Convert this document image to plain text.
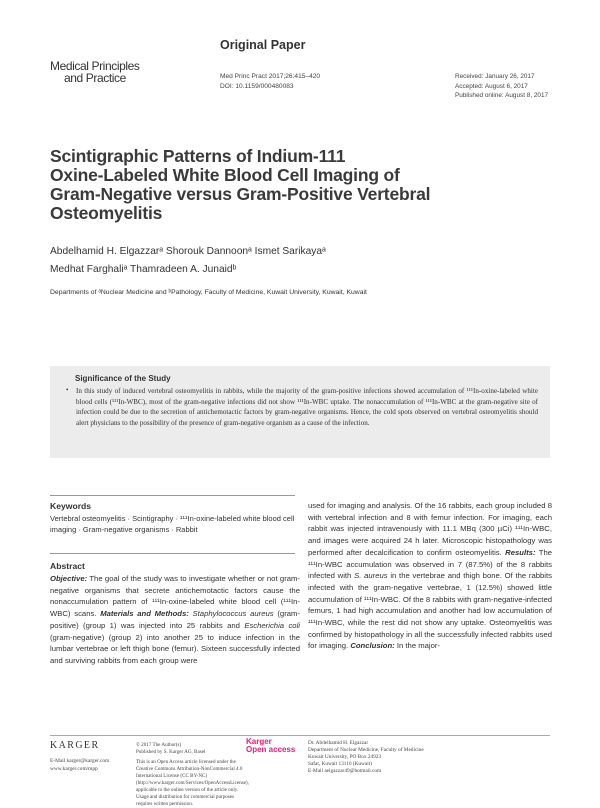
Original Paper
Medical Principles
and Practice	Med Princ Pract 2017;26:415–420
DOI: 10.1159/000480083
Received: January 26, 2017
Accepted: August 6, 2017
Published online: August 8, 2017
Scintigraphic Patterns of Indium-111
Oxine-Labeled White Blood Cell Imaging of
Gram-Negative versus Gram-Positive Vertebral
Osteomyelitis
Abdelhamid H. Elgazzarᵃ Shorouk Dannoonᵃ Ismet Sarikayaᵃ
Medhat Farghaliᵃ Thamradeen A. Junaidᵇ
Departments of ᵃNuclear Medicine and ᵇPathology, Faculty of Medicine, Kuwait University, Kuwait, Kuwait
Significance of the Study
• In this study of induced vertebral osteomyelitis in rabbits, while the majority of the gram-positive infections showed accumulation of ¹¹¹In-oxine-labeled white blood cells (¹¹¹In-WBC), most of the gram-negative infections did not show ¹¹¹In-WBC uptake. The nonaccumulation of ¹¹¹In-WBC at the gram-negative site of infection could be due to the secretion of antichemotactic factors by gram-negative organisms. Hence, the cold spots observed on vertebral osteomyelitis should alert physicians to the possibility of the presence of gram-negative organism as a cause of the infection.
Keywords
Vertebral osteomyelitis · Scintigraphy · ¹¹¹In-oxine-labeled white blood cell imaging · Gram-negative organisms · Rabbit
Abstract
Objective: The goal of the study was to investigate whether or not gram-negative organisms that secrete antichemotactic factors cause the nonaccumulation pattern of ¹¹¹In-oxine-labeled white blood cell (¹¹¹In-WBC) scans. Materials and Methods: Staphylococcus aureus (gram-positive) (group 1) was injected into 25 rabbits and Escherichia coli (gram-negative) (group 2) into another 25 to induce infection in the lumbar vertebrae or left thigh bone (femur). Sixteen successfully infected and surviving rabbits from each group were
used for imaging and analysis. Of the 16 rabbits, each group included 8 with vertebral infection and 8 with femur infection. For imaging, each rabbit was injected intravenously with 11.1 MBq (300 µCi) ¹¹¹In-WBC, and images were acquired 24 h later. Microscopic histopathology was performed after decalcification to confirm osteomyelitis. Results: The ¹¹¹In-WBC accumulation was observed in 7 (87.5%) of the 8 rabbits infected with S. aureus in the vertebrae and thigh bone. Of the rabbits infected with the gram-negative vertebrae, 1 (12.5%) showed little accumulation of ¹¹¹In-WBC. Of the 8 rabbits with gram-negative-infected femurs, 1 had high accumulation and another had low accumulation of ¹¹¹In-WBC, while the rest did not show any uptake. Osteomyelitis was confirmed by histopathology in all the successfully infected rabbits used for imaging. Conclusion: In the major-
KARGER
E-Mail karger@karger.com
www.karger.com/mpp
© 2017 The Author(s)
Published by S. Karger AG, Basel
This is an Open Access article licensed under the Creative Commons Attribution-NonCommercial 4.0 International License (CC BY-NC) (http://www.karger.com/Services/OpenAccessLicense), applicable to the online version of the article only. Usage and distribution for commercial purposes requires written permission.
Karger
Open access
Dr. Abdelhamid H. Elgazzar
Department of Nuclear Medicine, Faculty of Medicine
Kuwait University, PO Box 24923
Safat, Kuwait 13110 (Kuwait)
E-Mail aelgazzar49@hotmail.com
